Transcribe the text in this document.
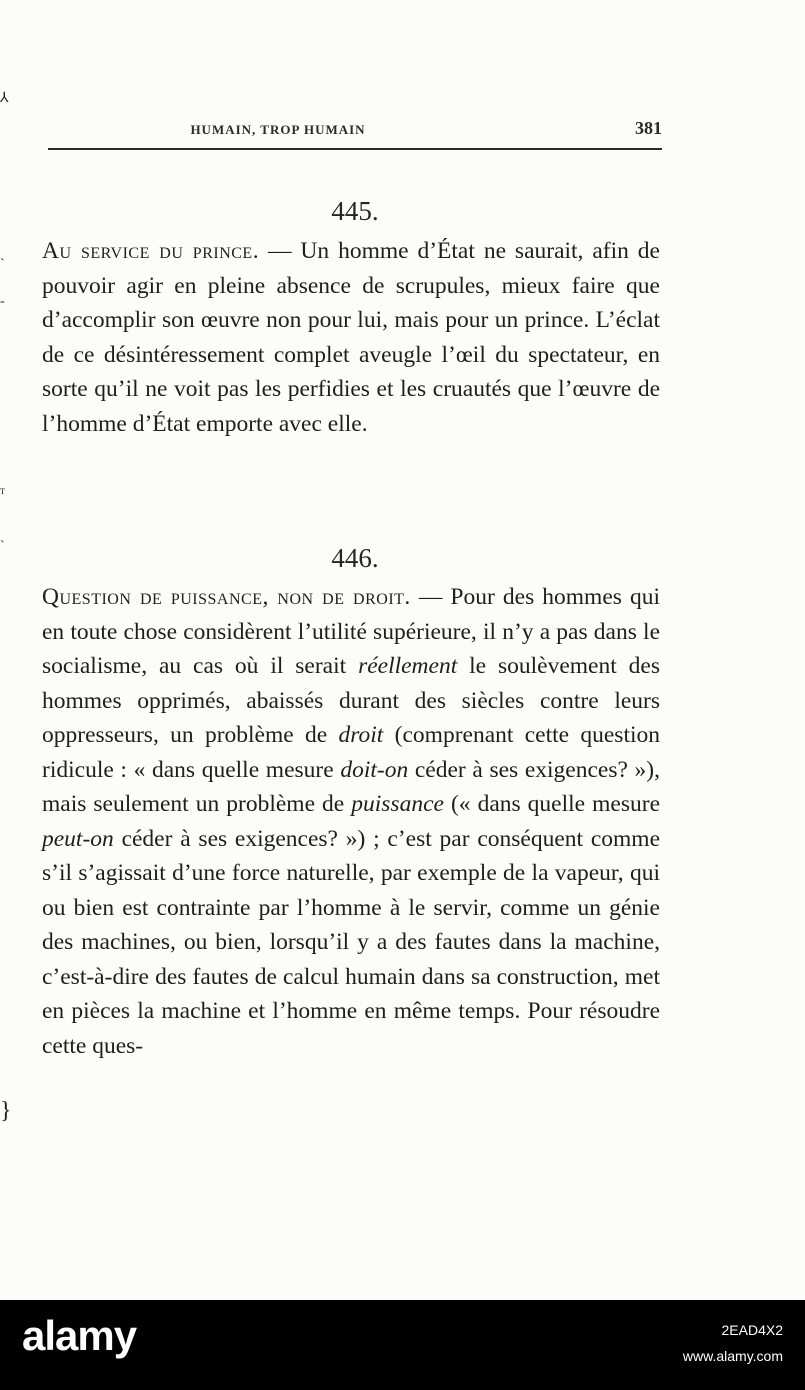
⅄
ˋ
-
ᵀ
ˋ
}
HUMAIN, TROP HUMAIN	381
445.

Au service du prince. — Un homme d’État ne saurait, afin de pouvoir agir en pleine absence de scrupules, mieux faire que d’accomplir son œuvre non pour lui, mais pour un prince. L’éclat de ce désintéressement complet aveugle l’œil du spectateur, en sorte qu’il ne voit pas les perfidies et les cruautés que l’œuvre de l’homme d’État emporte avec elle.

446.

Question de puissance, non de droit. — Pour des hommes qui en toute chose considèrent l’utilité supérieure, il n’y a pas dans le socialisme, au cas où il serait réellement le soulèvement des hommes opprimés, abaissés durant des siècles contre leurs oppresseurs, un problème de droit (comprenant cette question ridicule : « dans quelle mesure doit-on céder à ses exigences? »), mais seulement un problème de puissance (« dans quelle mesure peut-on céder à ses exigences? ») ; c’est par conséquent comme s’il s’agissait d’une force naturelle, par exemple de la vapeur, qui ou bien est contrainte par l’homme à le servir, comme un génie des machines, ou bien, lorsqu’il y a des fautes dans la machine, c’est-à-dire des fautes de calcul humain dans sa construction, met en pièces la machine et l’homme en même temps. Pour résoudre cette ques-

alamy	2EAD4X2
www.alamy.com
